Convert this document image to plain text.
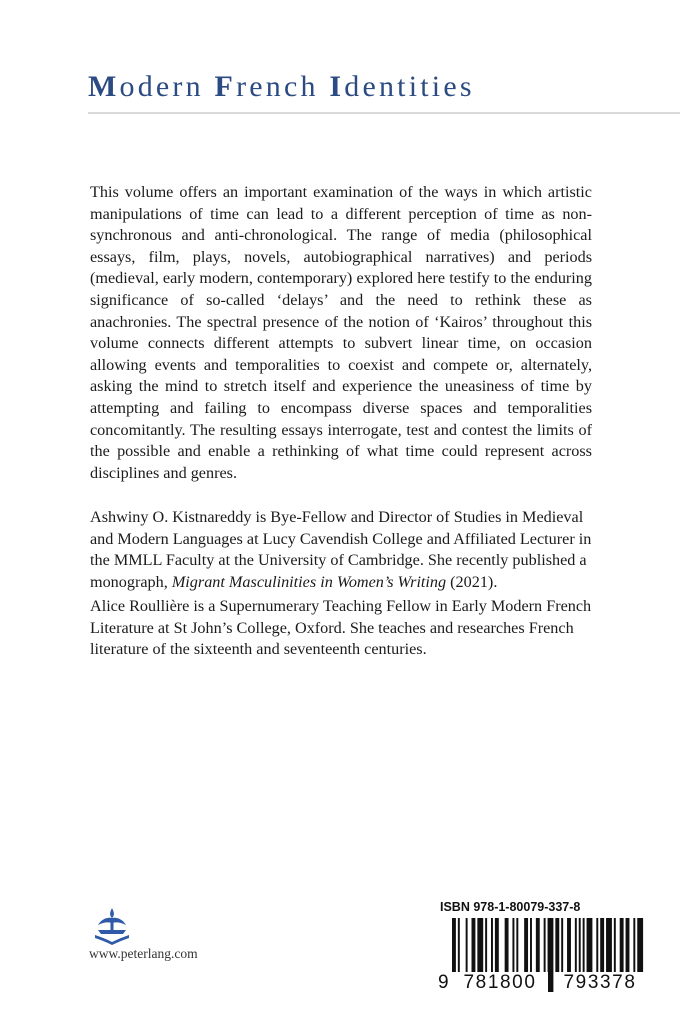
Modern French Identities

This volume offers an important examination of the ways in which artistic manipulations of time can lead to a different perception of time as non-synchronous and anti-chronological. The range of media (philosophical essays, film, plays, novels, autobiographical narratives) and periods (medieval, early modern, contemporary) explored here testify to the enduring significance of so-called ‘delays’ and the need to rethink these as anachronies. The spectral presence of the notion of ‘Kairos’ throughout this volume connects different attempts to subvert linear time, on occasion allowing events and temporalities to coexist and compete or, alternately, asking the mind to stretch itself and experience the uneasiness of time by attempting and failing to encompass diverse spaces and temporalities concomitantly. The resulting essays interrogate, test and contest the limits of the possible and enable a rethinking of what time could represent across disciplines and genres.

Ashwiny O. Kistnareddy is Bye-Fellow and Director of Studies in Medieval and Modern Languages at Lucy Cavendish College and Affiliated Lecturer in the MMLL Faculty at the University of Cambridge. She recently published a monograph, Migrant Masculinities in Women’s Writing (2021).

Alice Roullière is a Supernumerary Teaching Fellow in Early Modern French Literature at St John’s College, Oxford. She teaches and researches French literature of the sixteenth and seventeenth centuries.

www.peterlang.com
ISBN 978-1-80079-337-8
9 781800	793378
